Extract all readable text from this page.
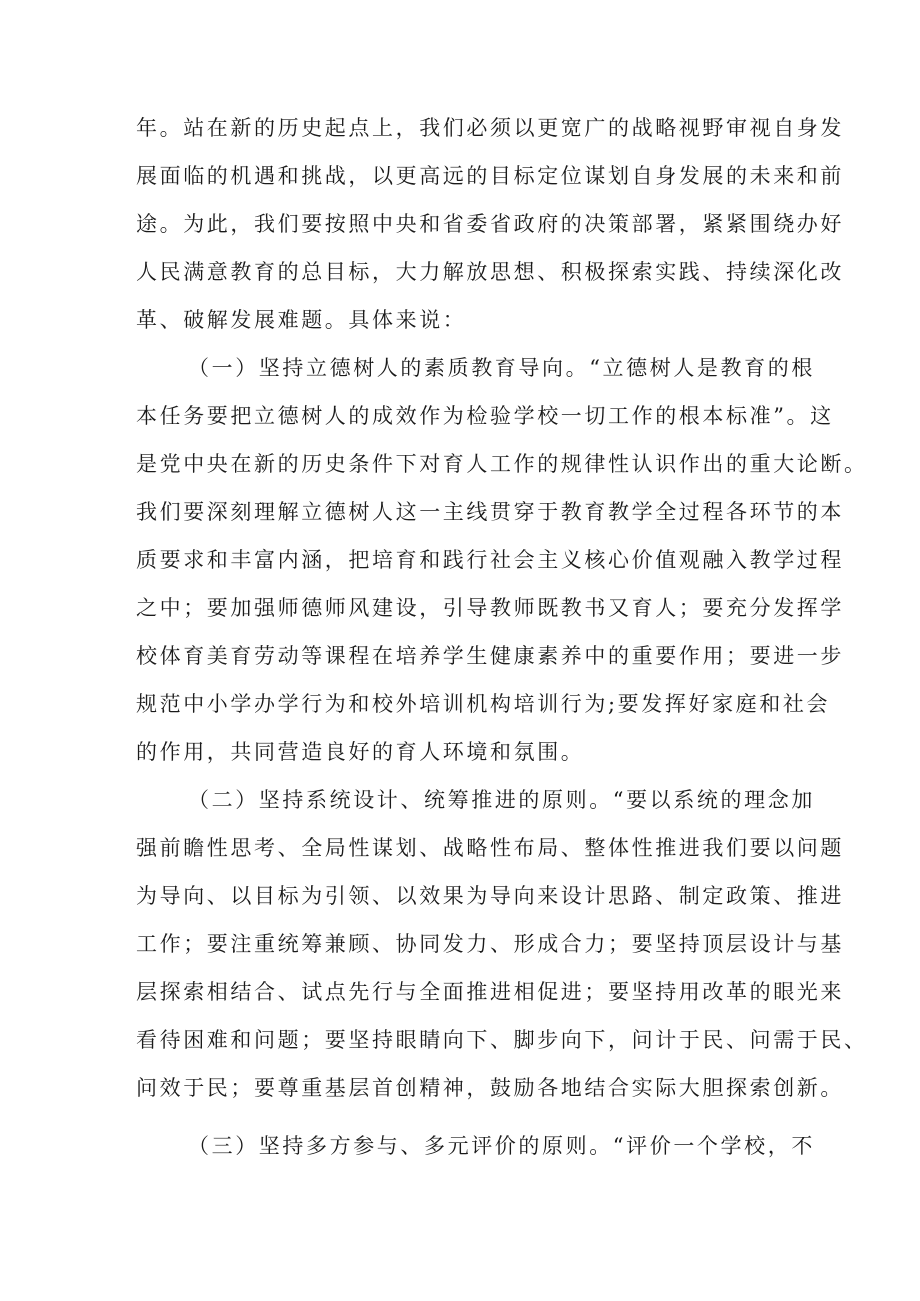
年。站在新的历史起点上，我们必须以更宽广的战略视野审视自身发
展面临的机遇和挑战，以更高远的目标定位谋划自身发展的未来和前
途。为此，我们要按照中央和省委省政府的决策部署，紧紧围绕办好
人民满意教育的总目标，大力解放思想、积极探索实践、持续深化改
革、破解发展难题。具体来说：
（一）坚持立德树人的素质教育导向。“立德树人是教育的根
本任务要把立德树人的成效作为检验学校一切工作的根本标准”。这
是党中央在新的历史条件下对育人工作的规律性认识作出的重大论断。
我们要深刻理解立德树人这一主线贯穿于教育教学全过程各环节的本
质要求和丰富内涵，把培育和践行社会主义核心价值观融入教学过程
之中；要加强师德师风建设，引导教师既教书又育人；要充分发挥学
校体育美育劳动等课程在培养学生健康素养中的重要作用；要进一步
规范中小学办学行为和校外培训机构培训行为;要发挥好家庭和社会
的作用，共同营造良好的育人环境和氛围。
（二）坚持系统设计、统筹推进的原则。“要以系统的理念加
强前瞻性思考、全局性谋划、战略性布局、整体性推进我们要以问题
为导向、以目标为引领、以效果为导向来设计思路、制定政策、推进
工作；要注重统筹兼顾、协同发力、形成合力；要坚持顶层设计与基
层探索相结合、试点先行与全面推进相促进；要坚持用改革的眼光来
看待困难和问题；要坚持眼睛向下、脚步向下，问计于民、问需于民、
问效于民；要尊重基层首创精神，鼓励各地结合实际大胆探索创新。
（三）坚持多方参与、多元评价的原则。“评价一个学校，不
